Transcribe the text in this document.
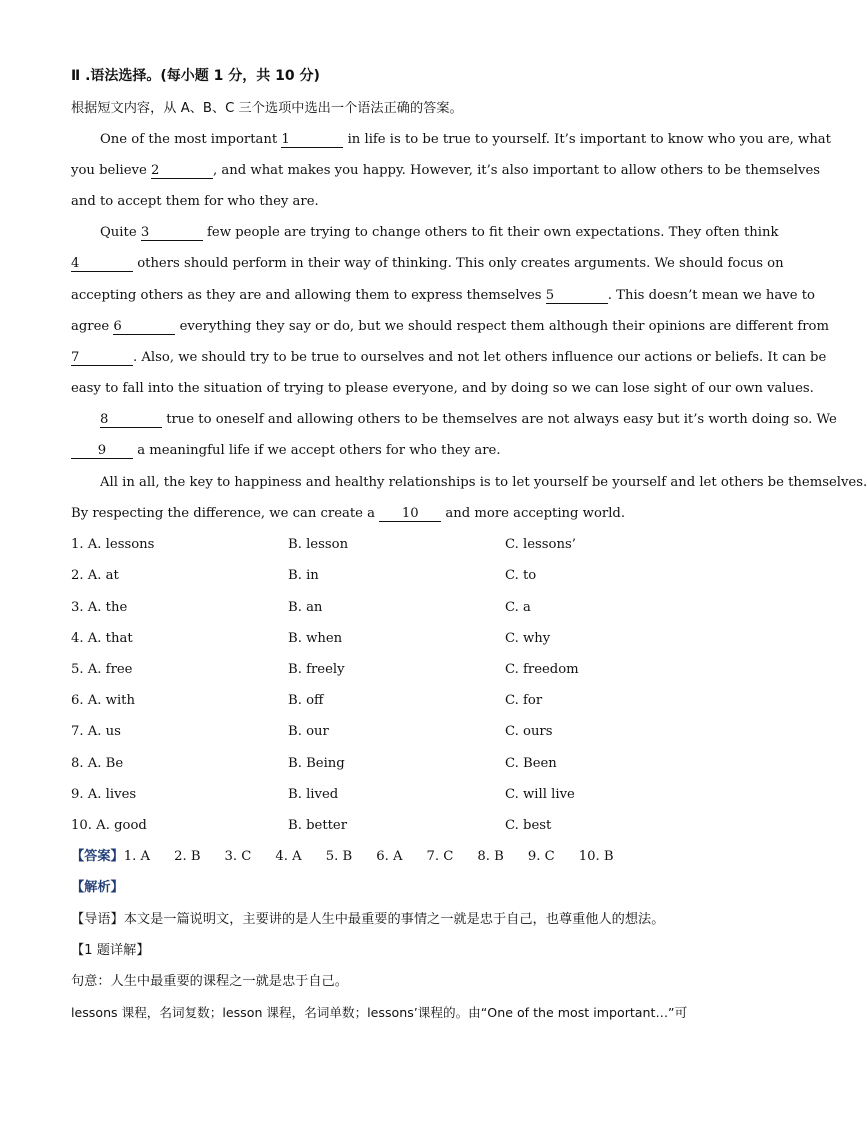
Ⅱ .语法选择。(每小题 1 分，共 10 分)
根据短文内容，从 A、B、C 三个选项中选出一个语法正确的答案。
One of the most important 1	in life is to be true to yourself. It’s important to know who you are, what
you believe 2	, and what makes you happy. However, it’s also important to allow others to be themselves
and to accept them for who they are.
Quite 3	few people are trying to change others to fit their own expectations. They often think
4	others should perform in their way of thinking. This only creates arguments. We should focus on
accepting others as they are and allowing them to express themselves 5	. This doesn’t mean we have to
agree 6	everything they say or do, but we should respect them although their opinions are different from
7	. Also, we should try to be true to ourselves and not let others influence our actions or beliefs. It can be
easy to fall into the situation of trying to please everyone, and by doing so we can lose sight of our own values.
8	true to oneself and allowing others to be themselves are not always easy but it’s worth doing so. We
9 a meaningful life if we accept others for who they are.
All in all, the key to happiness and healthy relationships is to let yourself be yourself and let others be themselves.
By respecting the difference, we can create a 10 and more accepting world.
1. A. lessons	B. lesson	C. lessons’
2. A. at	B. in	C. to
3. A. the	B. an	C. a
4. A. that	B. when	C. why
5. A. free	B. freely	C. freedom
6. A. with	B. off	C. for
7. A. us	B. our	C. ours
8. A. Be	B. Being	C. Been
9. A. lives	B. lived	C. will live
10. A. good	B. better	C. best
【答案】1. A 2. B 3. C 4. A 5. B 6. A 7. C 8. B 9. C 10. B
【解析】
【导语】本文是一篇说明文，主要讲的是人生中最重要的事情之一就是忠于自己，也尊重他人的想法。
【1 题详解】
句意：人生中最重要的课程之一就是忠于自己。
lessons 课程，名词复数；lesson 课程，名词单数；lessons’课程的。由“One of the most important…”可
